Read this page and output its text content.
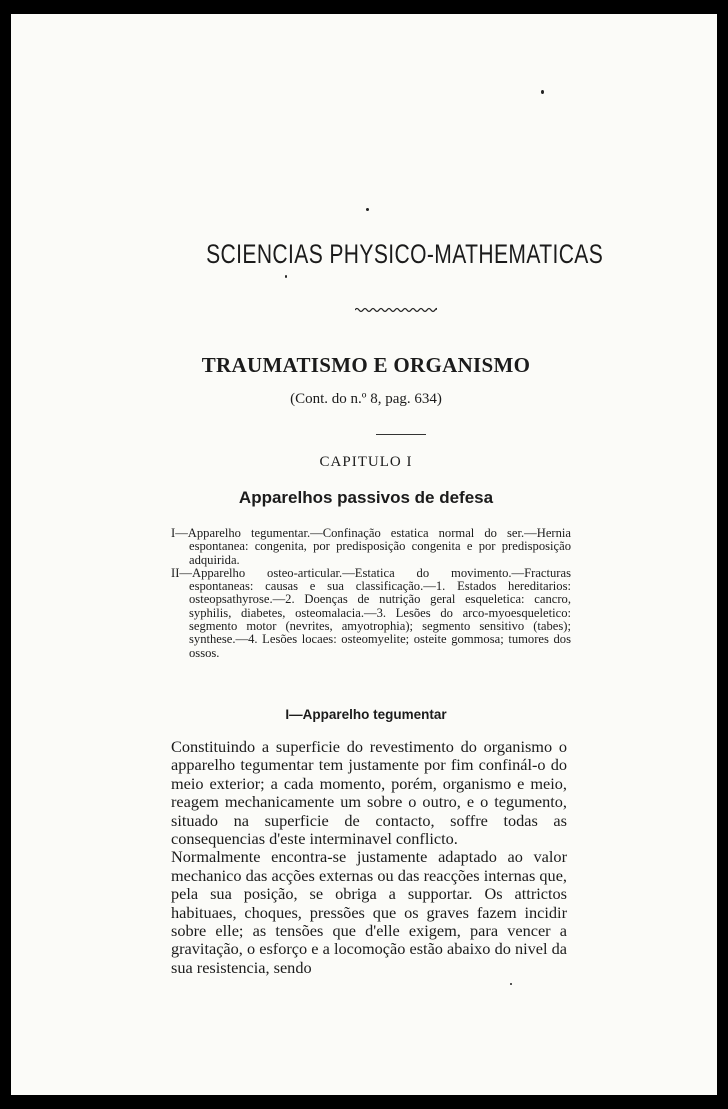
SCIENCIAS PHYSICO-MATHEMATICAS
TRAUMATISMO E ORGANISMO
(Cont. do n.º 8, pag. 634)
CAPITULO I
Apparelhos passivos de defesa
I—Apparelho tegumentar.—Confinação estatica normal do ser.—Hernia espontanea: congenita, por predisposição congenita e por predisposição adquirida.
II—Apparelho osteo-articular.—Estatica do movimento.—Fracturas espontaneas: causas e sua classificação.—1. Estados hereditarios: osteopsathyrose.—2. Doenças de nutrição geral esqueletica: cancro, syphilis, diabetes, osteomalacia.—3. Lesões do arco-myoesqueletico: segmento motor (nevrites, amyotrophia); segmento sensitivo (tabes); synthese.—4. Lesões locaes: osteomyelite; osteite gommosa; tumores dos ossos.
I—Apparelho tegumentar

Constituindo a superficie do revestimento do organismo o apparelho tegumentar tem justamente por fim confinál-o do meio exterior; a cada momento, porém, organismo e meio, reagem mechanicamente um sobre o outro, e o tegumento, situado na superficie de contacto, soffre todas as consequencias d'este interminavel conflicto.

Normalmente encontra-se justamente adaptado ao valor mechanico das acções externas ou das reacções internas que, pela sua posição, se obriga a supportar. Os attrictos habituaes, choques, pressões que os graves fazem incidir sobre elle; as tensões que d'elle exigem, para vencer a gravitação, o esforço e a locomoção estão abaixo do nivel da sua resistencia, sendo
